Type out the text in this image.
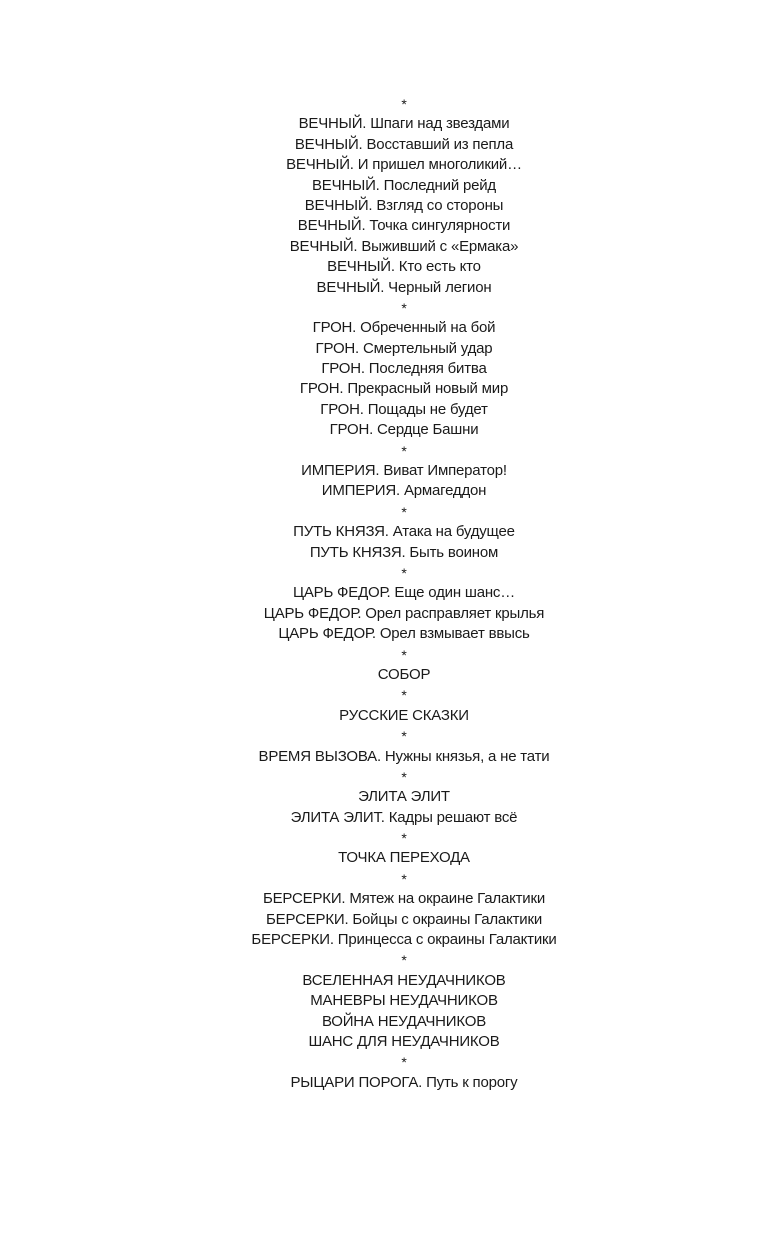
*
ВЕЧНЫЙ. Шпаги над звездами
ВЕЧНЫЙ. Восставший из пепла
ВЕЧНЫЙ. И пришел многоликий…
ВЕЧНЫЙ. Последний рейд
ВЕЧНЫЙ. Взгляд со стороны
ВЕЧНЫЙ. Точка сингулярности
ВЕЧНЫЙ. Выживший с «Ермака»
ВЕЧНЫЙ. Кто есть кто
ВЕЧНЫЙ. Черный легион
*
ГРОН. Обреченный на бой
ГРОН. Смертельный удар
ГРОН. Последняя битва
ГРОН. Прекрасный новый мир
ГРОН. Пощады не будет
ГРОН. Сердце Башни
*
ИМПЕРИЯ. Виват Император!
ИМПЕРИЯ. Армагеддон
*
ПУТЬ КНЯЗЯ. Атака на будущее
ПУТЬ КНЯЗЯ. Быть воином
*
ЦАРЬ ФЕДОР. Еще один шанс…
ЦАРЬ ФЕДОР. Орел расправляет крылья
ЦАРЬ ФЕДОР. Орел взмывает ввысь
*
СОБОР
*
РУССКИЕ СКАЗКИ
*
ВРЕМЯ ВЫЗОВА. Нужны князья, а не тати
*
ЭЛИТА ЭЛИТ
ЭЛИТА ЭЛИТ. Кадры решают всё
*
ТОЧКА ПЕРЕХОДА
*
БЕРСЕРКИ. Мятеж на окраине Галактики
БЕРСЕРКИ. Бойцы с окраины Галактики
БЕРСЕРКИ. Принцесса с окраины Галактики
*
ВСЕЛЕННАЯ НЕУДАЧНИКОВ
МАНЕВРЫ НЕУДАЧНИКОВ
ВОЙНА НЕУДАЧНИКОВ
ШАНС ДЛЯ НЕУДАЧНИКОВ
*
РЫЦАРИ ПОРОГА. Путь к порогу
